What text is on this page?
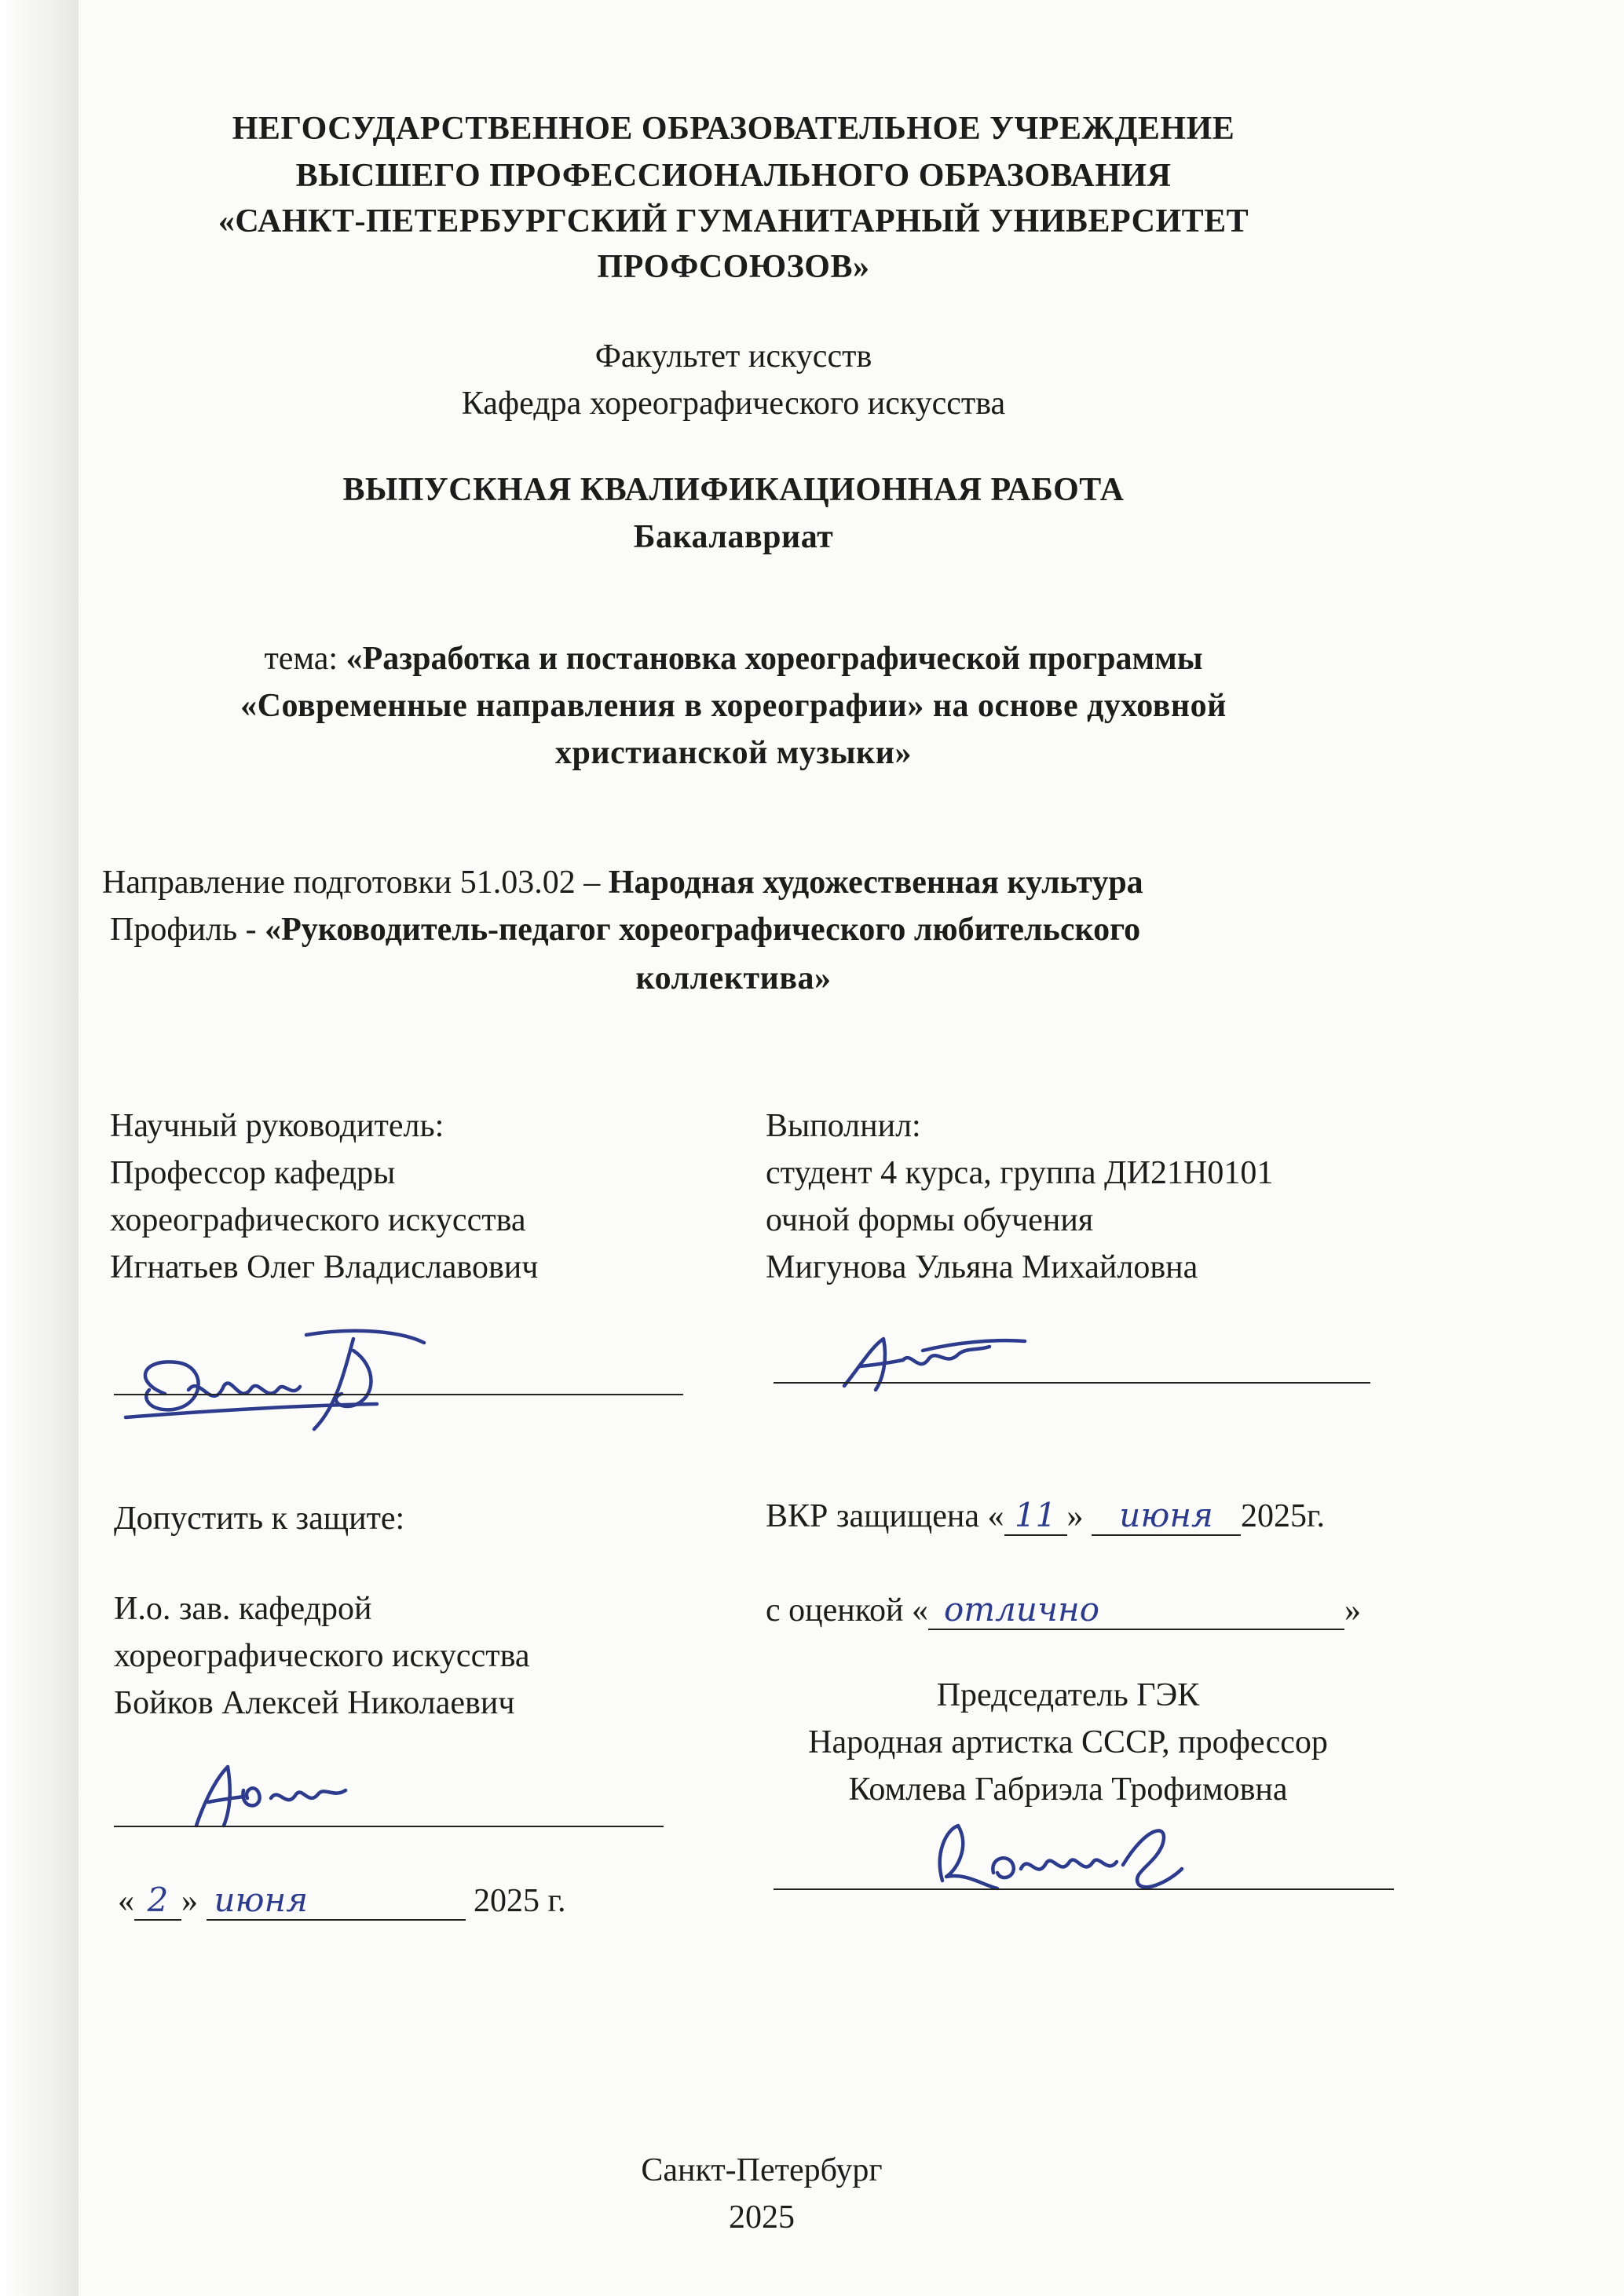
НЕГОСУДАРСТВЕННОЕ ОБРАЗОВАТЕЛЬНОЕ УЧРЕЖДЕНИЕ
ВЫСШЕГО ПРОФЕССИОНАЛЬНОГО ОБРАЗОВАНИЯ
«САНКТ-ПЕТЕРБУРГСКИЙ ГУМАНИТАРНЫЙ УНИВЕРСИТЕТ
ПРОФСОЮЗОВ»
Факультет искусств
Кафедра хореографического искусства
ВЫПУСКНАЯ КВАЛИФИКАЦИОННАЯ РАБОТА
Бакалавриат
тема: «Разработка и постановка хореографической программы
«Современные направления в хореографии» на основе духовной
христианской музыки»
Направление подготовки 51.03.02 – Народная художественная культура
Профиль - «Руководитель-педагог хореографического любительского
коллектива»
Научный руководитель:
Профессор кафедры
хореографического искусства
Игнатьев Олег Владиславович
Выполнил:
студент 4 курса, группа ДИ21Н0101
очной формы обучения
Мигунова Ульяна Михайловна
Допустить к защите:
И.о. зав. кафедрой
хореографического искусства
Бойков Алексей Николаевич
« 2 » июня	2025 г.
ВКР защищена « 11 » июня 2025г.
с оценкой « отлично	»
Председатель ГЭК
Народная артистка СССР, профессор
Комлева Габриэла Трофимовна
Санкт-Петербург
2025
